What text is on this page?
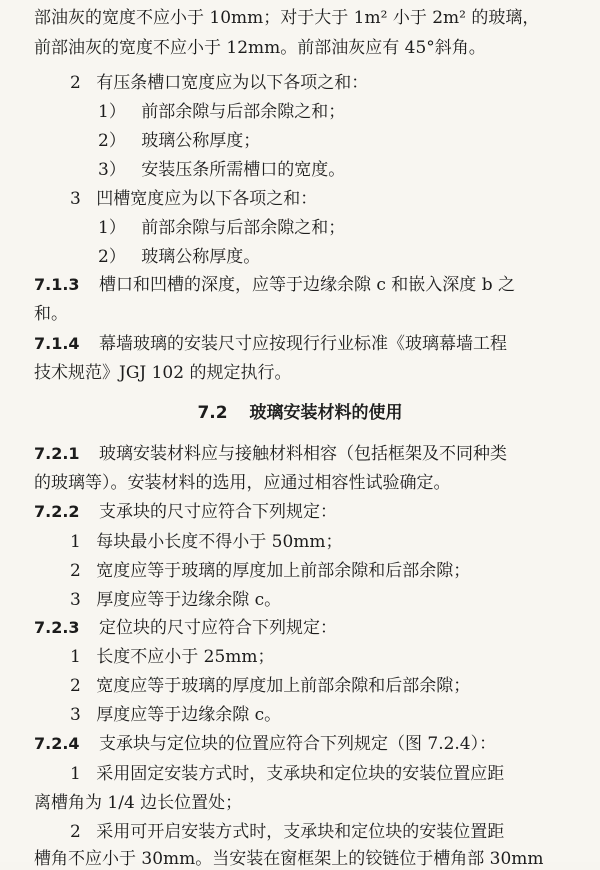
部油灰的宽度不应小于 10mm；对于大于 1m² 小于 2m² 的玻璃，
前部油灰的宽度不应小于 12mm。前部油灰应有 45°斜角。
2 有压条槽口宽度应为以下各项之和：
1） 前部余隙与后部余隙之和；
2） 玻璃公称厚度；
3） 安装压条所需槽口的宽度。
3 凹槽宽度应为以下各项之和：
1） 前部余隙与后部余隙之和；
2） 玻璃公称厚度。
7.1.3 槽口和凹槽的深度，应等于边缘余隙 c 和嵌入深度 b 之
和。
7.1.4 幕墙玻璃的安装尺寸应按现行行业标准《玻璃幕墙工程
技术规范》JGJ 102 的规定执行。
7.2 玻璃安装材料的使用
7.2.1 玻璃安装材料应与接触材料相容（包括框架及不同种类
的玻璃等）。安装材料的选用，应通过相容性试验确定。
7.2.2 支承块的尺寸应符合下列规定：
1 每块最小长度不得小于 50mm；
2 宽度应等于玻璃的厚度加上前部余隙和后部余隙；
3 厚度应等于边缘余隙 c。
7.2.3 定位块的尺寸应符合下列规定：
1 长度不应小于 25mm；
2 宽度应等于玻璃的厚度加上前部余隙和后部余隙；
3 厚度应等于边缘余隙 c。
7.2.4 支承块与定位块的位置应符合下列规定（图 7.2.4）：
1 采用固定安装方式时，支承块和定位块的安装位置应距
离槽角为 1/4 边长位置处；
2 采用可开启安装方式时，支承块和定位块的安装位置距
槽角不应小于 30mm。当安装在窗框架上的铰链位于槽角部 30mm
